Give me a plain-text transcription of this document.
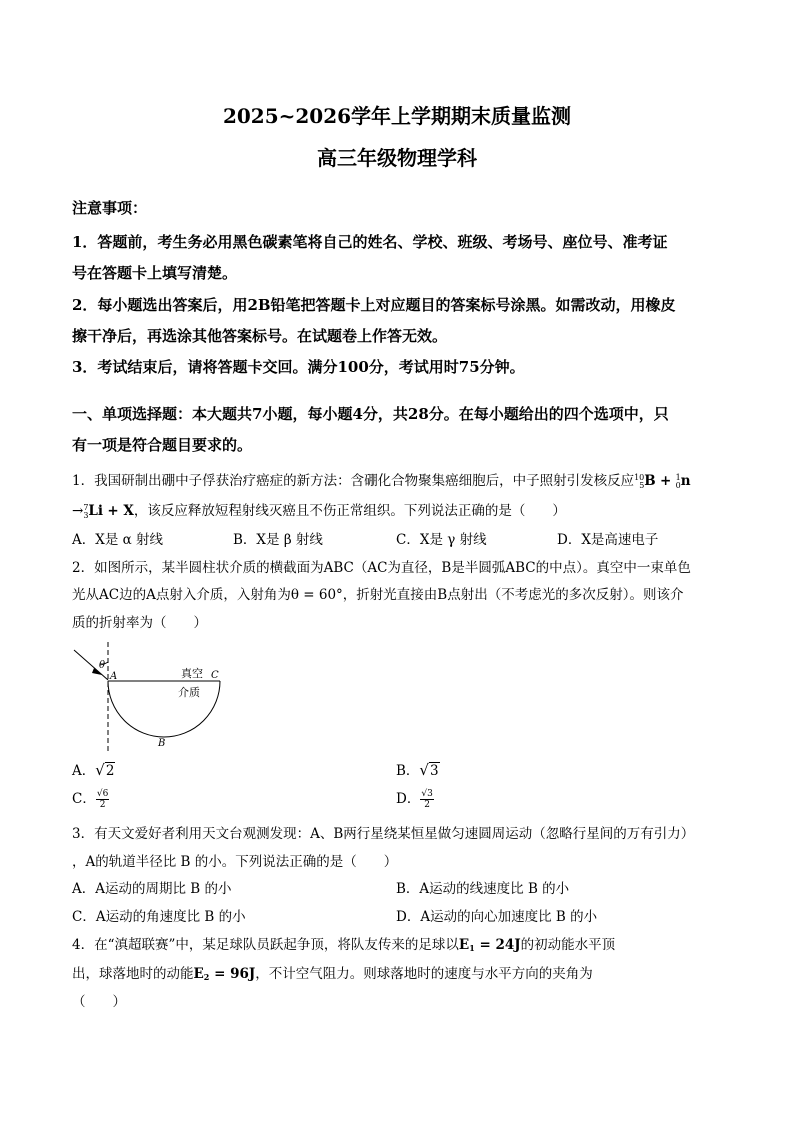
2025~2026学年上学期期末质量监测
高三年级物理学科
注意事项：
1．答题前，考生务必用黑色碳素笔将自己的姓名、学校、班级、考场号、座位号、准考证
号在答题卡上填写清楚。
2．每小题选出答案后，用2B铅笔把答题卡上对应题目的答案标号涂黑。如需改动，用橡皮
擦干净后，再选涂其他答案标号。在试题卷上作答无效。
3．考试结束后，请将答题卡交回。满分100分，考试用时75分钟。
一、单项选择题：本大题共7小题，每小题4分，共28分。在每小题给出的四个选项中，只
有一项是符合题目要求的。
1．我国研制出硼中子俘获治疗癌症的新方法：含硼化合物聚集癌细胞后，中子照射引发核反应 10
5 B + 1
0 n
→ 7
3 Li + X，该反应释放短程射线灭癌且不伤正常组织。下列说法正确的是（　　）
A．X是 α 射线	B．X是 β 射线	C．X是 γ 射线	D．X是高速电子
2．如图所示，某半圆柱状介质的横截面为ABC（AC为直径，B是半圆弧ABC的中点）。真空中一束单色
光从AC边的A点射入介质，入射角为θ = 60°，折射光直接由B点射出（不考虑光的多次反射）。则该介
质的折射率为（　　）
θ
A	C
B
真空
介质
A．√2	B．√3
C． $\frac{√6}{2}$	D． $\frac{√3}{2}$
3．有天文爱好者利用天文台观测发现：A、B两行星绕某恒星做匀速圆周运动（忽略行星间的万有引力）
，A的轨道半径比 B 的小。下列说法正确的是（　　）
A．A运动的周期比 B 的小	B．A运动的线速度比 B 的小
C．A运动的角速度比 B 的小	D．A运动的向心加速度比 B 的小
4．在“滇超联赛”中，某足球队员跃起争顶，将队友传来的足球以$E_1 = 24J$的初动能水平顶
出，球落地时的动能$E_2 = 96J$，不计空气阻力。则球落地时的速度与水平方向的夹角为
（　　）
